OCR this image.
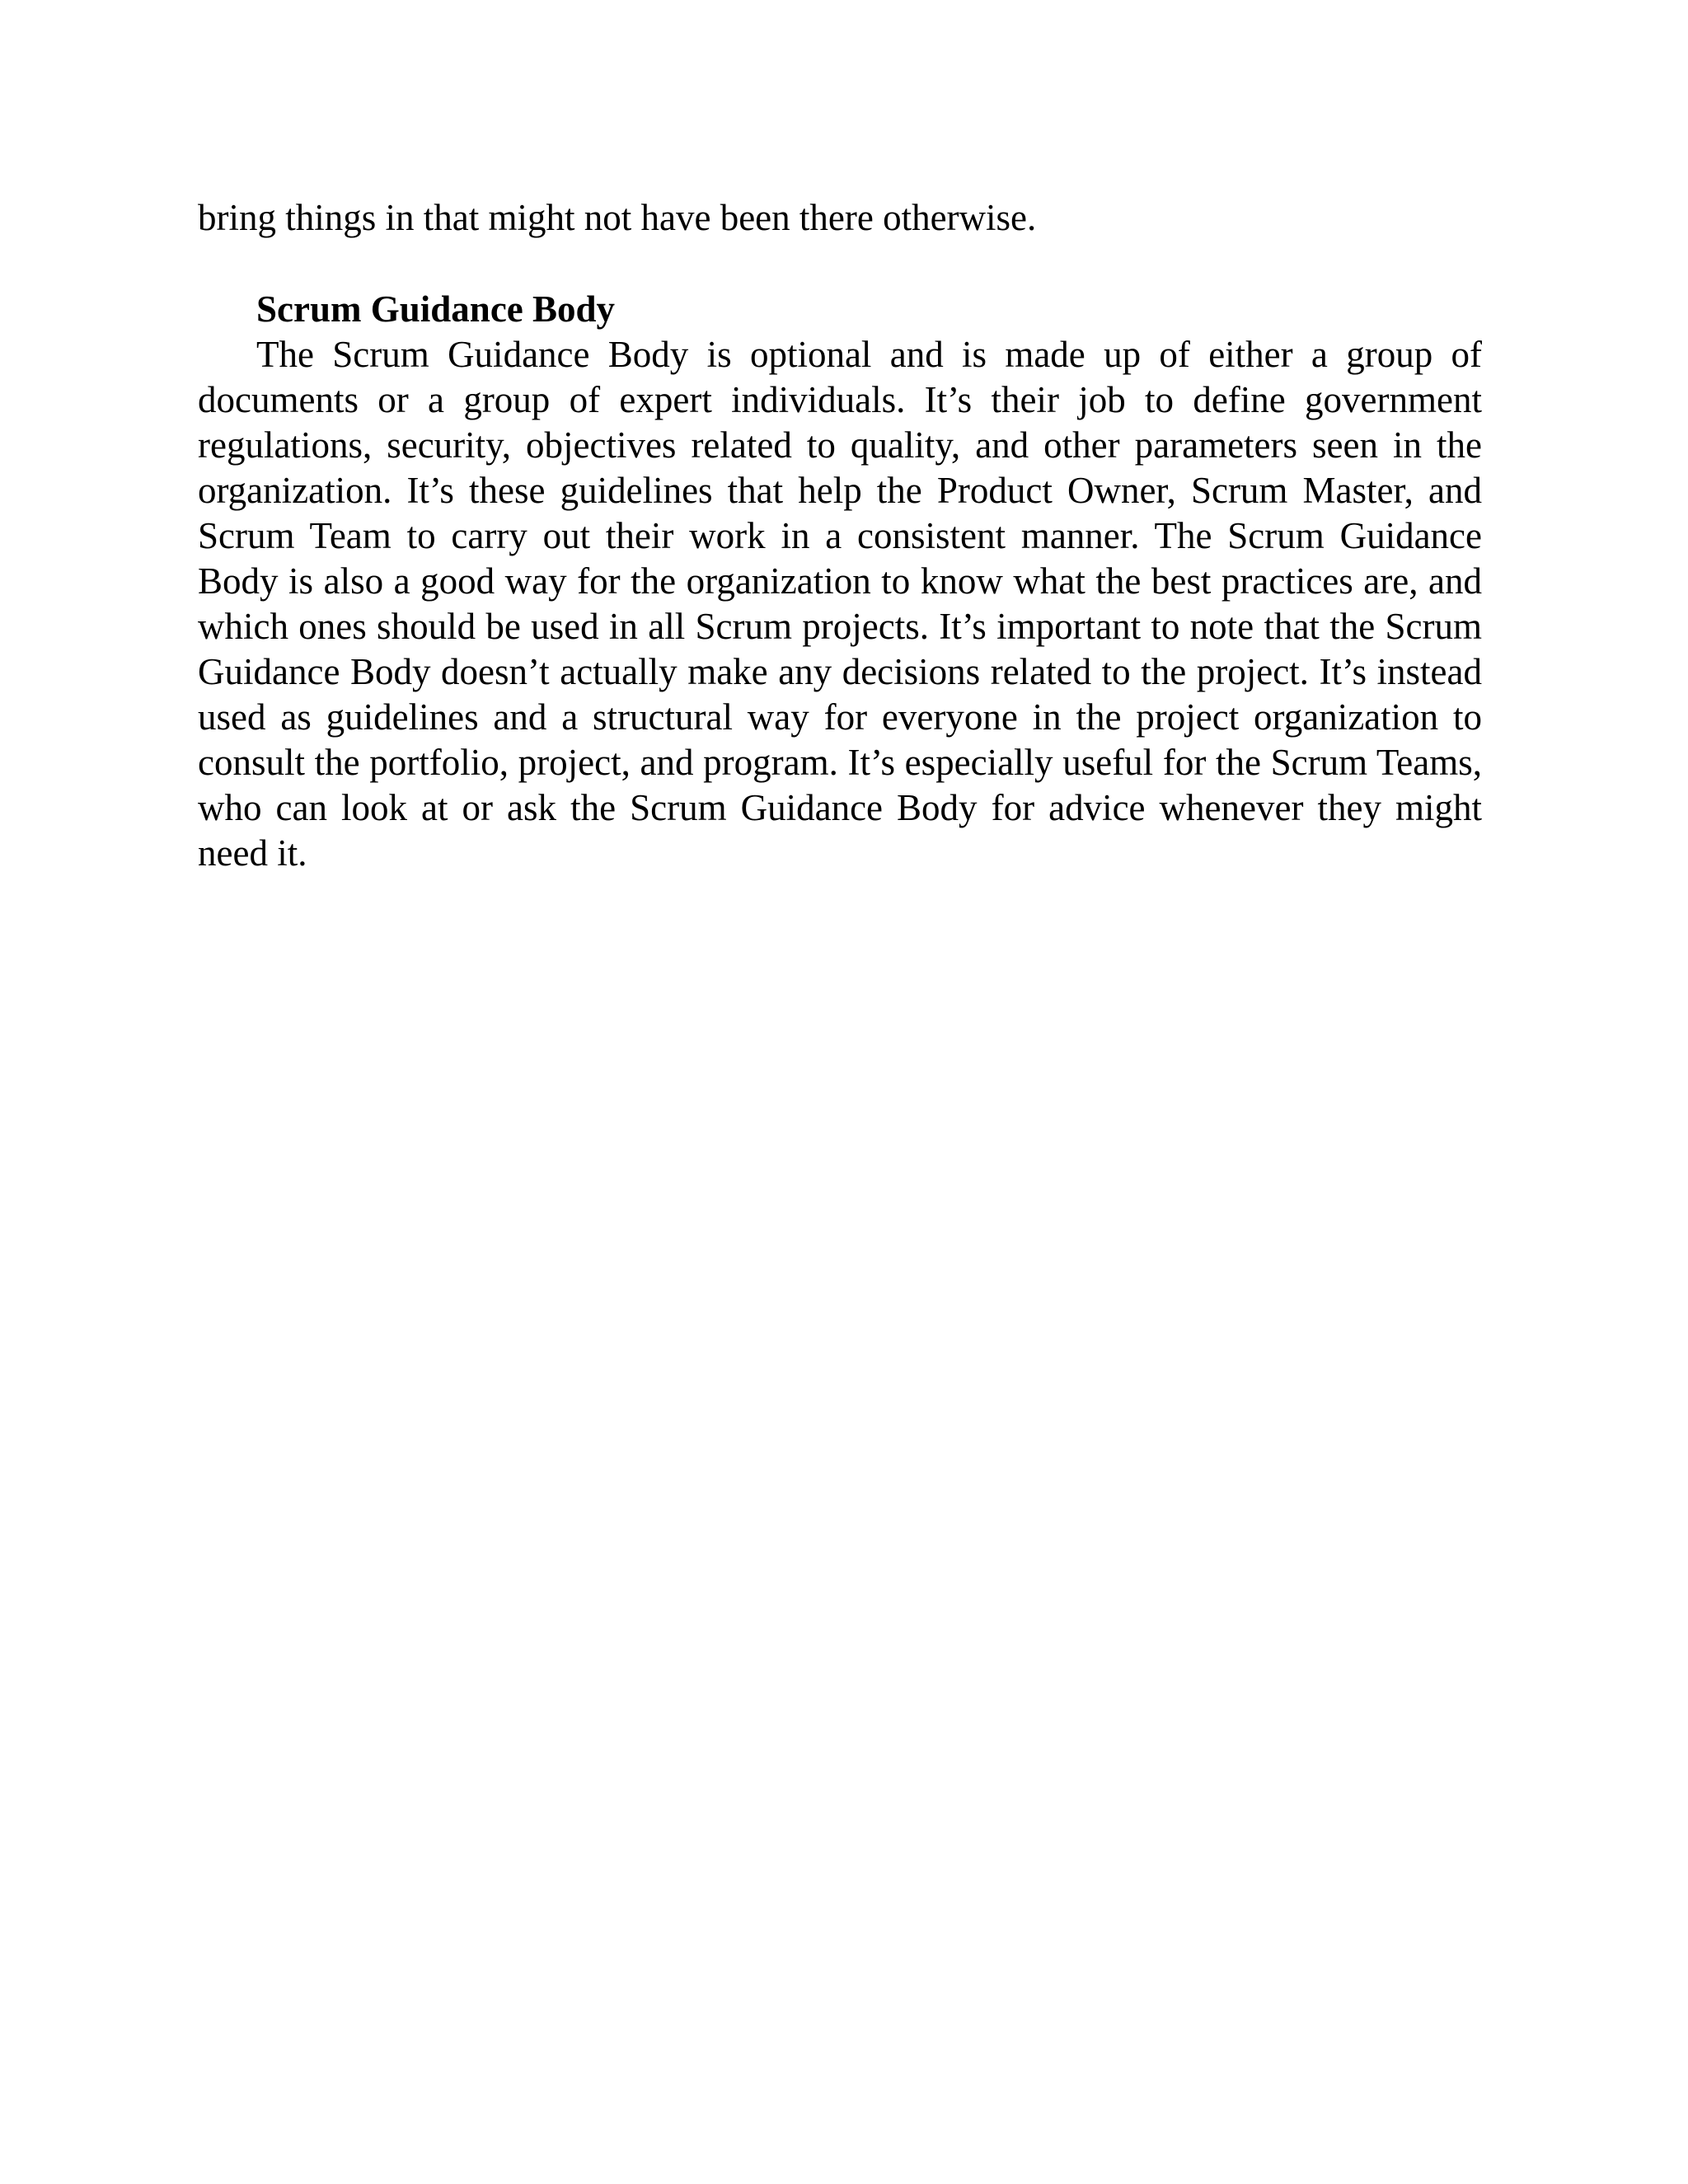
bring things in that might not have been there otherwise.

Scrum Guidance Body

The Scrum Guidance Body is optional and is made up of either a group of documents or a group of expert individuals. It’s their job to define government regulations, security, objectives related to quality, and other parameters seen in the organization. It’s these guidelines that help the Product Owner, Scrum Master, and Scrum Team to carry out their work in a consistent manner. The Scrum Guidance Body is also a good way for the organization to know what the best practices are, and which ones should be used in all Scrum projects. It’s important to note that the Scrum Guidance Body doesn’t actually make any decisions related to the project. It’s instead used as guidelines and a structural way for everyone in the project organization to consult the portfolio, project, and program. It’s especially useful for the Scrum Teams, who can look at or ask the Scrum Guidance Body for advice whenever they might need it.
